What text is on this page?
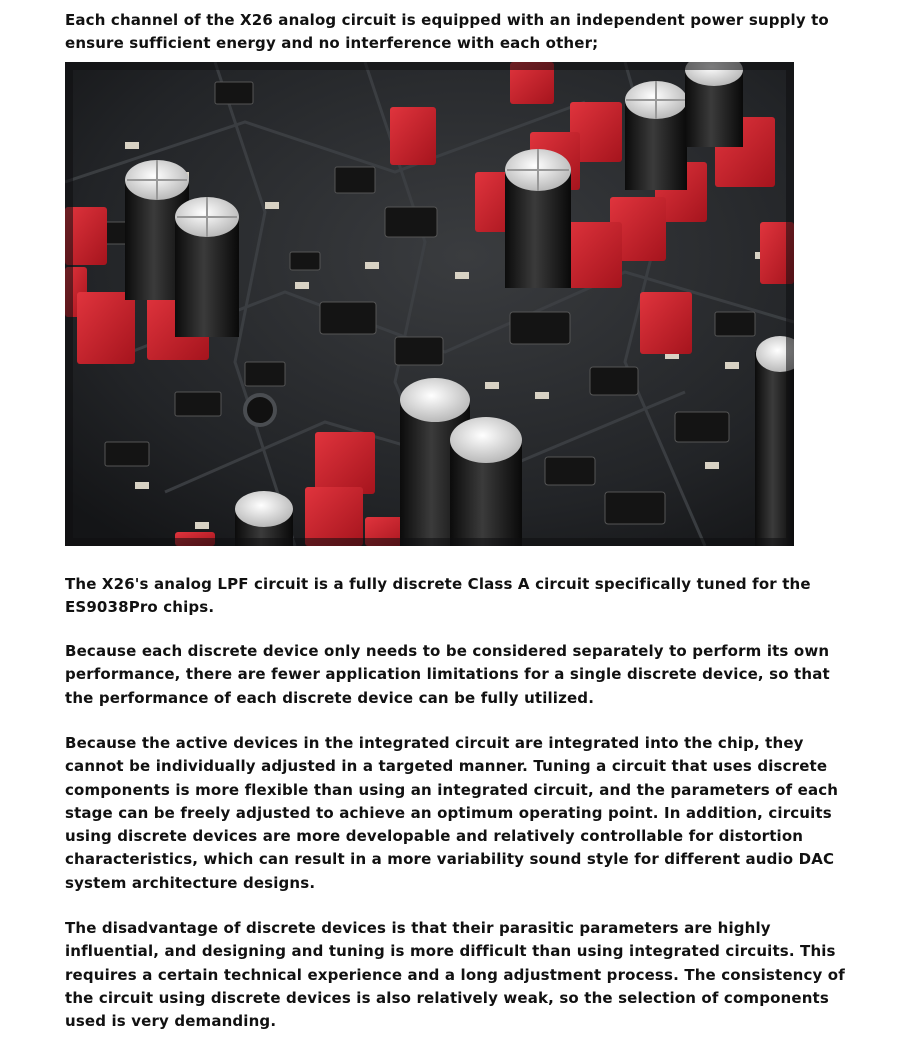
Each channel of the X26 analog circuit is equipped with an independent power supply to ensure sufficient energy and no interference with each other;

The X26's analog LPF circuit is a fully discrete Class A circuit specifically tuned for the ES9038Pro chips.

Because each discrete device only needs to be considered separately to perform its own performance, there are fewer application limitations for a single discrete device, so that the performance of each discrete device can be fully utilized.

Because the active devices in the integrated circuit are integrated into the chip, they cannot be individually adjusted in a targeted manner. Tuning a circuit that uses discrete components is more flexible than using an integrated circuit, and the parameters of each stage can be freely adjusted to achieve an optimum operating point. In addition, circuits using discrete devices are more developable and relatively controllable for distortion characteristics, which can result in a more variability sound style for different audio DAC system architecture designs.

The disadvantage of discrete devices is that their parasitic parameters are highly influential, and designing and tuning is more difficult than using integrated circuits. This requires a certain technical experience and a long adjustment process. The consistency of the circuit using discrete devices is also relatively weak, so the selection of components used is very demanding.
